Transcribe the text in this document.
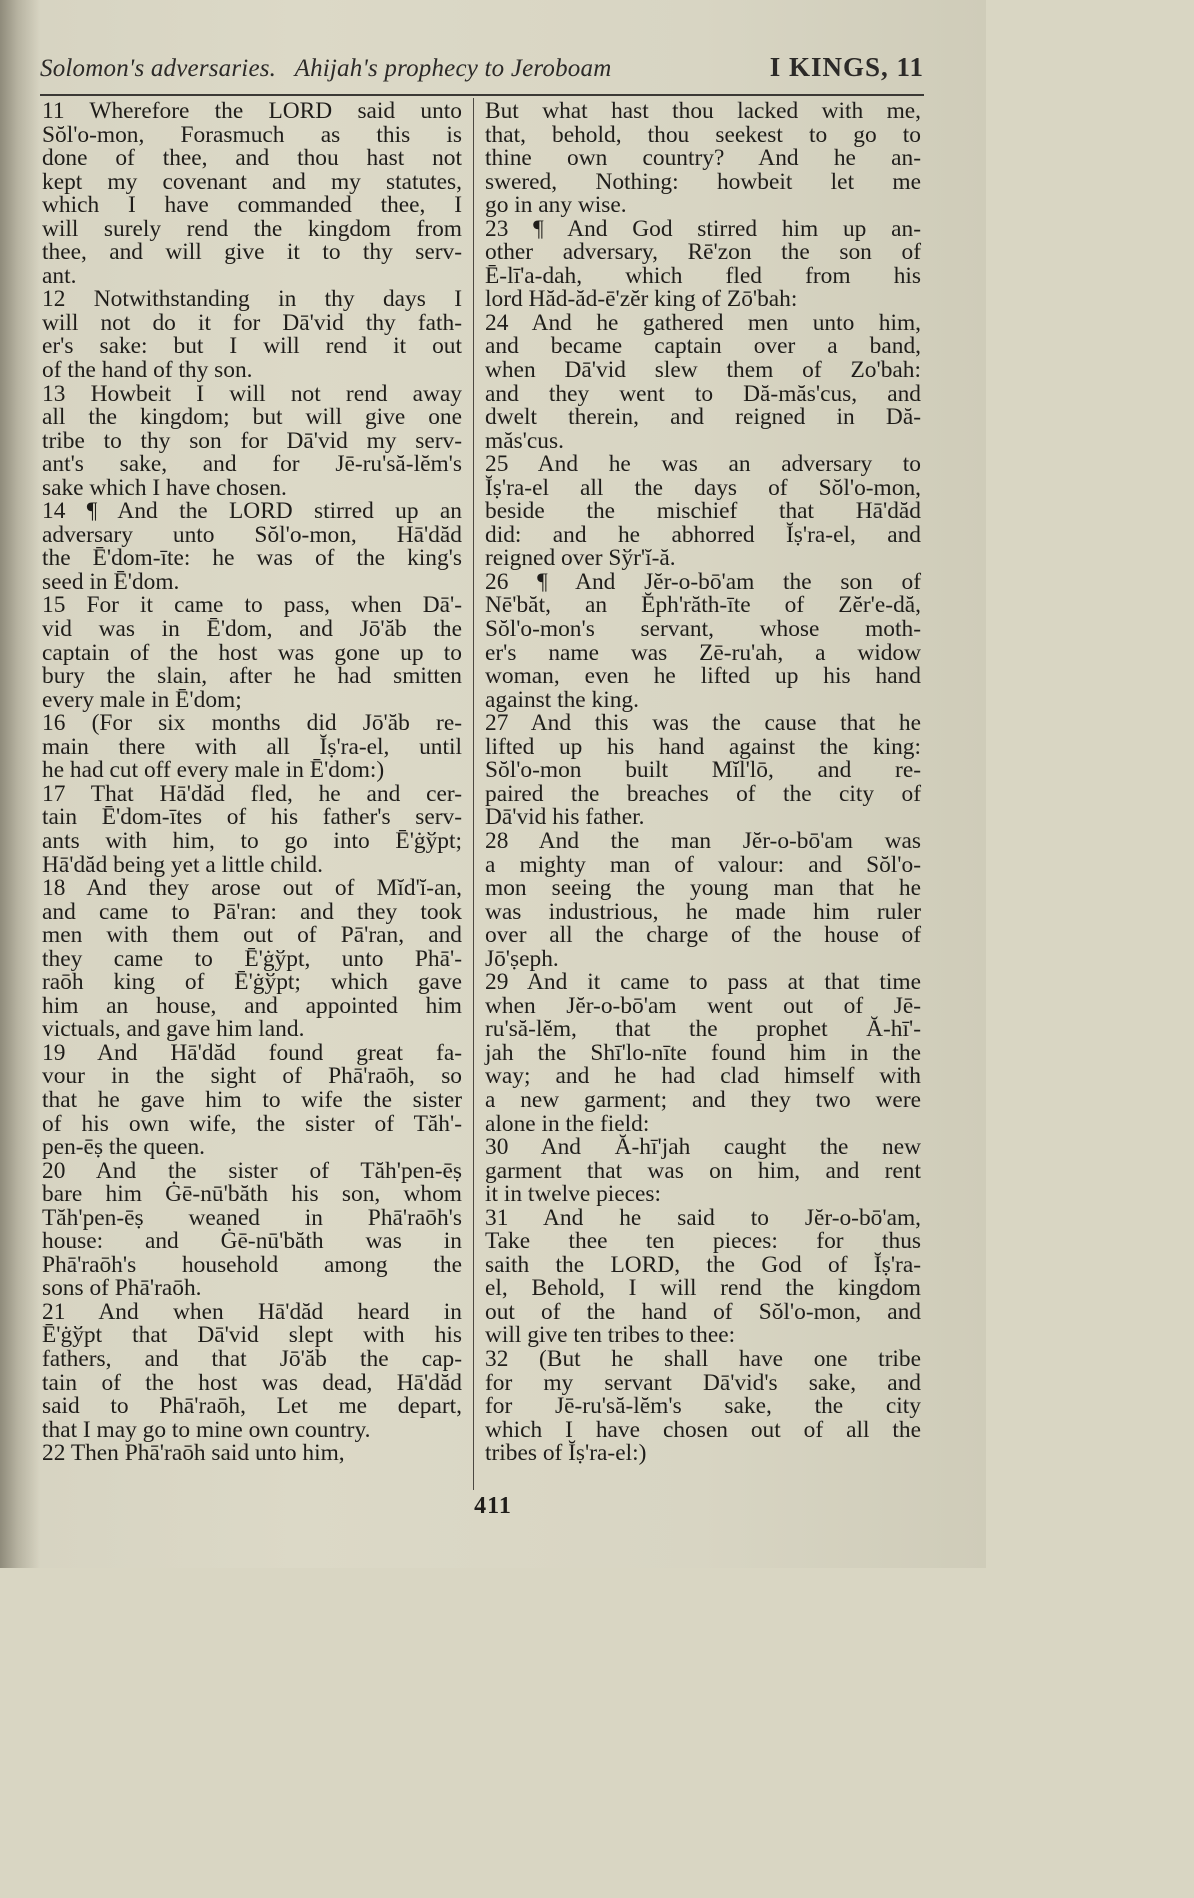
Solomon's adversaries. Ahijah's prophecy to Jeroboam	I KINGS, 11
11 Wherefore the LORD said unto
Sŏl'o-mon, Forasmuch as this is
done of thee, and thou hast not
kept my covenant and my statutes,
which I have commanded thee, I
will surely rend the kingdom from
thee, and will give it to thy serv-
ant.
12 Notwithstanding in thy days I
will not do it for Dā'vid thy fath-
er's sake: but I will rend it out
of the hand of thy son.
13 Howbeit I will not rend away
all the kingdom; but will give one
tribe to thy son for Dā'vid my serv-
ant's sake, and for Jē-ru'să-lĕm's
sake which I have chosen.
14 ¶ And the LORD stirred up an
adversary unto Sŏl'o-mon, Hā'dăd
the Ē'dom-īte: he was of the king's
seed in Ē'dom.
15 For it came to pass, when Dā'-
vid was in Ē'dom, and Jō'ăb the
captain of the host was gone up to
bury the slain, after he had smitten
every male in Ē'dom;
16 (For six months did Jō'ăb re-
main there with all Ĭṣ'ra-el, until
he had cut off every male in Ē'dom:)
17 That Hā'dăd fled, he and cer-
tain Ē'dom-ītes of his father's serv-
ants with him, to go into Ē'ġўpt;
Hā'dăd being yet a little child.
18 And they arose out of Mĭd'ĭ-an,
and came to Pā'ran: and they took
men with them out of Pā'ran, and
they came to Ē'ġўpt, unto Phā'-
raōh king of Ē'ġўpt; which gave
him an house, and appointed him
victuals, and gave him land.
19 And Hā'dăd found great fa-
vour in the sight of Phā'raōh, so
that he gave him to wife the sister
of his own wife, the sister of Tăh'-
pen-ēṣ the queen.
20 And the sister of Tăh'pen-ēṣ
bare him Ġē-nū'băth his son, whom
Tăh'pen-ēṣ weaned in Phā'raōh's
house: and Ġē-nū'băth was in
Phā'raōh's household among the
sons of Phā'raōh.
21 And when Hā'dăd heard in
Ē'ġўpt that Dā'vid slept with his
fathers, and that Jō'ăb the cap-
tain of the host was dead, Hā'dăd
said to Phā'raōh, Let me depart,
that I may go to mine own country.
22 Then Phā'raōh said unto him,
But what hast thou lacked with me,
that, behold, thou seekest to go to
thine own country? And he an-
swered, Nothing: howbeit let me
go in any wise.
23 ¶ And God stirred him up an-
other adversary, Rē'zon the son of
Ē-lī'a-dah, which fled from his
lord Hăd-ăd-ē'zĕr king of Zō'bah:
24 And he gathered men unto him,
and became captain over a band,
when Dā'vid slew them of Zo'bah:
and they went to Dă-măs'cus, and
dwelt therein, and reigned in Dă-
măs'cus.
25 And he was an adversary to
Ĭṣ'ra-el all the days of Sŏl'o-mon,
beside the mischief that Hā'dăd
did: and he abhorred Ĭṣ'ra-el, and
reigned over Sўr'ĭ-ă.
26 ¶ And Jĕr-o-bō'am the son of
Nē'băt, an Ĕph'răth-īte of Zĕr'e-dă,
Sŏl'o-mon's servant, whose moth-
er's name was Zē-ru'ah, a widow
woman, even he lifted up his hand
against the king.
27 And this was the cause that he
lifted up his hand against the king:
Sŏl'o-mon built Mĭl'lō, and re-
paired the breaches of the city of
Dā'vid his father.
28 And the man Jĕr-o-bō'am was
a mighty man of valour: and Sŏl'o-
mon seeing the young man that he
was industrious, he made him ruler
over all the charge of the house of
Jō'ṣeph.
29 And it came to pass at that time
when Jĕr-o-bō'am went out of Jē-
ru'să-lĕm, that the prophet Ă-hī'-
jah the Shī'lo-nīte found him in the
way; and he had clad himself with
a new garment; and they two were
alone in the field:
30 And Ă-hī'jah caught the new
garment that was on him, and rent
it in twelve pieces:
31 And he said to Jĕr-o-bō'am,
Take thee ten pieces: for thus
saith the LORD, the God of Ĭṣ'ra-
el, Behold, I will rend the kingdom
out of the hand of Sŏl'o-mon, and
will give ten tribes to thee:
32 (But he shall have one tribe
for my servant Dā'vid's sake, and
for Jē-ru'să-lĕm's sake, the city
which I have chosen out of all the
tribes of Ĭṣ'ra-el:)
411
